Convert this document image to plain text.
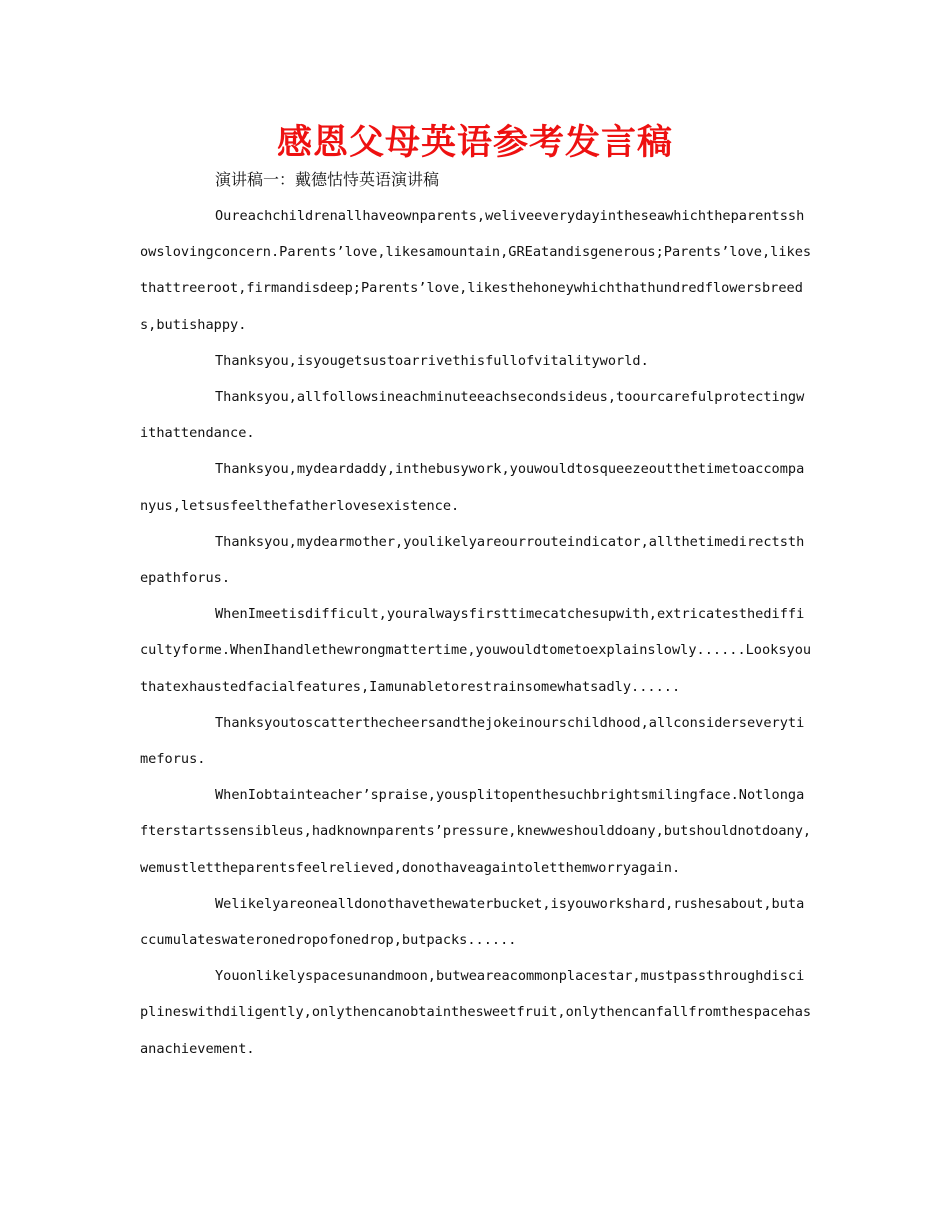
感恩父母英语参考发言稿
演讲稿一：戴德怙恃英语演讲稿

Oureachchildrenallhaveownparents,weliveeverydayintheseawhichtheparentsshowslovingconcern.Parents’love,likesamountain,GREatandisgenerous;Parents’love,likesthattreeroot,firmandisdeep;Parents’love,likesthehoneywhichthathundredflowersbreeds,butishappy.

Thanksyou,isyougetsustoarrivethisfullofvitalityworld.

Thanksyou,allfollowsineachminuteeachsecondsideus,toourcarefulprotectingwithattendance.

Thanksyou,mydeardaddy,inthebusywork,youwouldtosqueezeoutthetimetoaccompanyus,letsusfeelthefatherlovesexistence.

Thanksyou,mydearmother,youlikelyareourrouteindicator,allthetimedirectsthepathforus.

WhenImeetisdifficult,youralwaysfirsttimecatchesupwith,extricatesthedifficultyforme.WhenIhandlethewrongmattertime,youwouldtometoexplainslowly......Looksyouthatexhaustedfacialfeatures,Iamunabletorestrainsomewhatsadly......

Thanksyoutoscatterthecheersandthejokeinourschildhood,allconsiderseverytimeforus.

WhenIobtainteacher’spraise,yousplitopenthesuchbrightsmilingface.Notlongafterstartssensibleus,hadknownparents’pressure,knewweshoulddoany,butshouldnotdoany,wemustlettheparentsfeelrelieved,donothaveagaintoletthemworryagain.

Welikelyareonealldonothavethewaterbucket,isyouworkshard,rushesabout,butaccumulateswateronedropofonedrop,butpacks......

Youonlikelyspacesunandmoon,butweareacommonplacestar,mustpassthroughdisciplineswithdiligently,onlythencanobtainthesweetfruit,onlythencanfallfromthespacehasanachievement.
